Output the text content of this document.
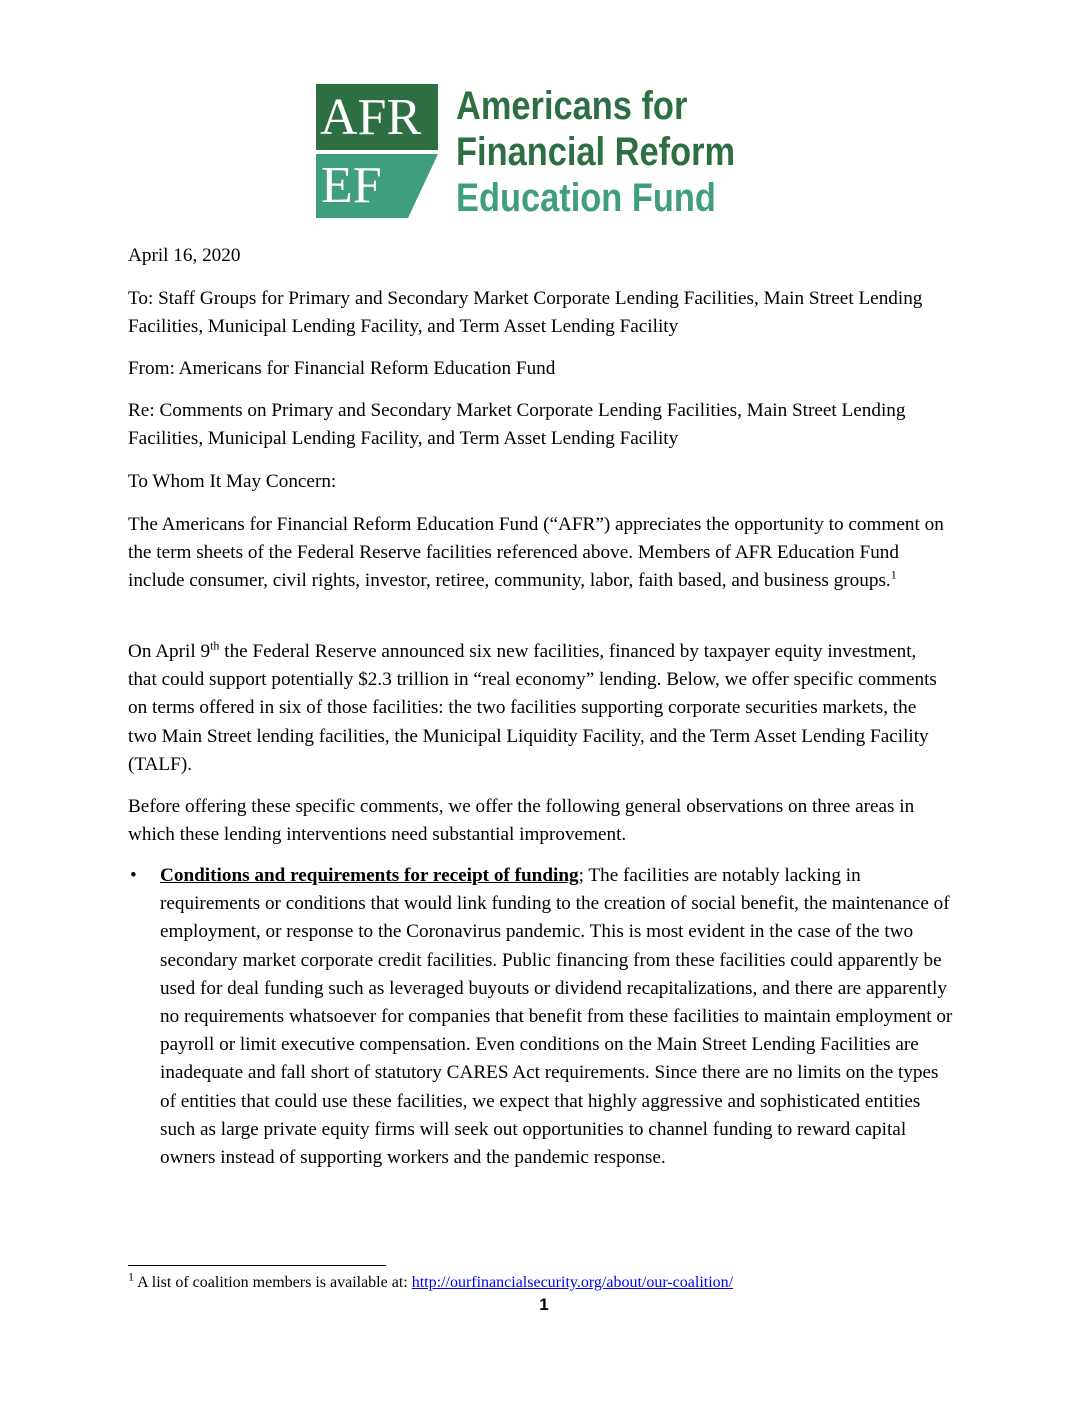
AFR
EF
Americans for
Financial Reform
Education Fund
April 16, 2020
To: Staff Groups for Primary and Secondary Market Corporate Lending Facilities, Main Street Lending Facilities, Municipal Lending Facility, and Term Asset Lending Facility
From: Americans for Financial Reform Education Fund
Re: Comments on Primary and Secondary Market Corporate Lending Facilities, Main Street Lending Facilities, Municipal Lending Facility, and Term Asset Lending Facility
To Whom It May Concern:
The Americans for Financial Reform Education Fund (“AFR”) appreciates the opportunity to comment on the term sheets of the Federal Reserve facilities referenced above. Members of AFR Education Fund include consumer, civil rights, investor, retiree, community, labor, faith based, and business groups.$^1$
On April 9th the Federal Reserve announced six new facilities, financed by taxpayer equity investment, that could support potentially $2.3 trillion in “real economy” lending. Below, we offer specific comments on terms offered in six of those facilities: the two facilities supporting corporate securities markets, the two Main Street lending facilities, the Municipal Liquidity Facility, and the Term Asset Lending Facility (TALF).
Before offering these specific comments, we offer the following general observations on three areas in which these lending interventions need substantial improvement.
• Conditions and requirements for receipt of funding; The facilities are notably lacking in requirements or conditions that would link funding to the creation of social benefit, the maintenance of employment, or response to the Coronavirus pandemic. This is most evident in the case of the two secondary market corporate credit facilities. Public financing from these facilities could apparently be used for deal funding such as leveraged buyouts or dividend recapitalizations, and there are apparently no requirements whatsoever for companies that benefit from these facilities to maintain employment or payroll or limit executive compensation. Even conditions on the Main Street Lending Facilities are inadequate and fall short of statutory CARES Act requirements. Since there are no limits on the types of entities that could use these facilities, we expect that highly aggressive and sophisticated entities such as large private equity firms will seek out opportunities to channel funding to reward capital owners instead of supporting workers and the pandemic response.
$^1$ A list of coalition members is available at: http://ourfinancialsecurity.org/about/our-coalition/
1
